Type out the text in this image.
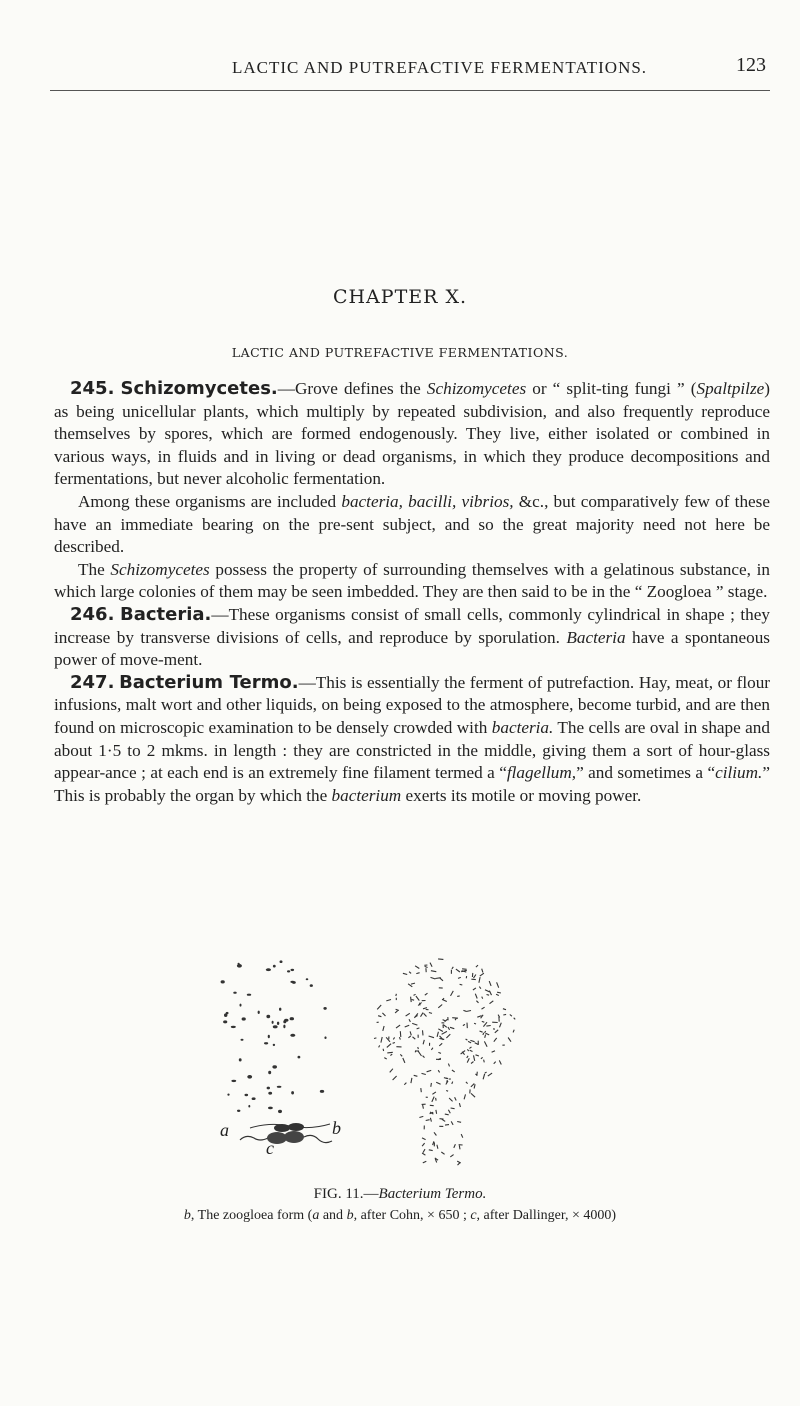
LACTIC AND PUTREFACTIVE FERMENTATIONS.	123
CHAPTER X.
LACTIC AND PUTREFACTIVE FERMENTATIONS.

245. Schizomycetes.—Grove defines the Schizomycetes or “ split-ting fungi ” (Spaltpilze) as being unicellular plants, which multiply by repeated subdivision, and also frequently reproduce themselves by spores, which are formed endogenously. They live, either isolated or combined in various ways, in fluids and in living or dead organisms, in which they produce decompositions and fermentations, but never alcoholic fermentation.

Among these organisms are included bacteria, bacilli, vibrios, &c., but comparatively few of these have an immediate bearing on the pre-sent subject, and so the great majority need not here be described.

The Schizomycetes possess the property of surrounding themselves with a gelatinous substance, in which large colonies of them may be seen imbedded. They are then said to be in the “ Zoogloea ” stage.

246. Bacteria.—These organisms consist of small cells, commonly cylindrical in shape ; they increase by transverse divisions of cells, and reproduce by sporulation. Bacteria have a spontaneous power of move-ment.

247. Bacterium Termo.—This is essentially the ferment of putrefaction. Hay, meat, or flour infusions, malt wort and other liquids, on being exposed to the atmosphere, become turbid, and are then found on microscopic examination to be densely crowded with bacteria. The cells are oval in shape and about 1·5 to 2 mkms. in length : they are constricted in the middle, giving them a sort of hour-glass appear-ance ; at each end is an extremely fine filament termed a “flagellum,” and sometimes a “cilium.” This is probably the organ by which the bacterium exerts its motile or moving power.

a	b
c
FIG. 11.—Bacterium Termo.
b, The zoogloea form (a and b, after Cohn, × 650 ; c, after Dallinger, × 4000)
